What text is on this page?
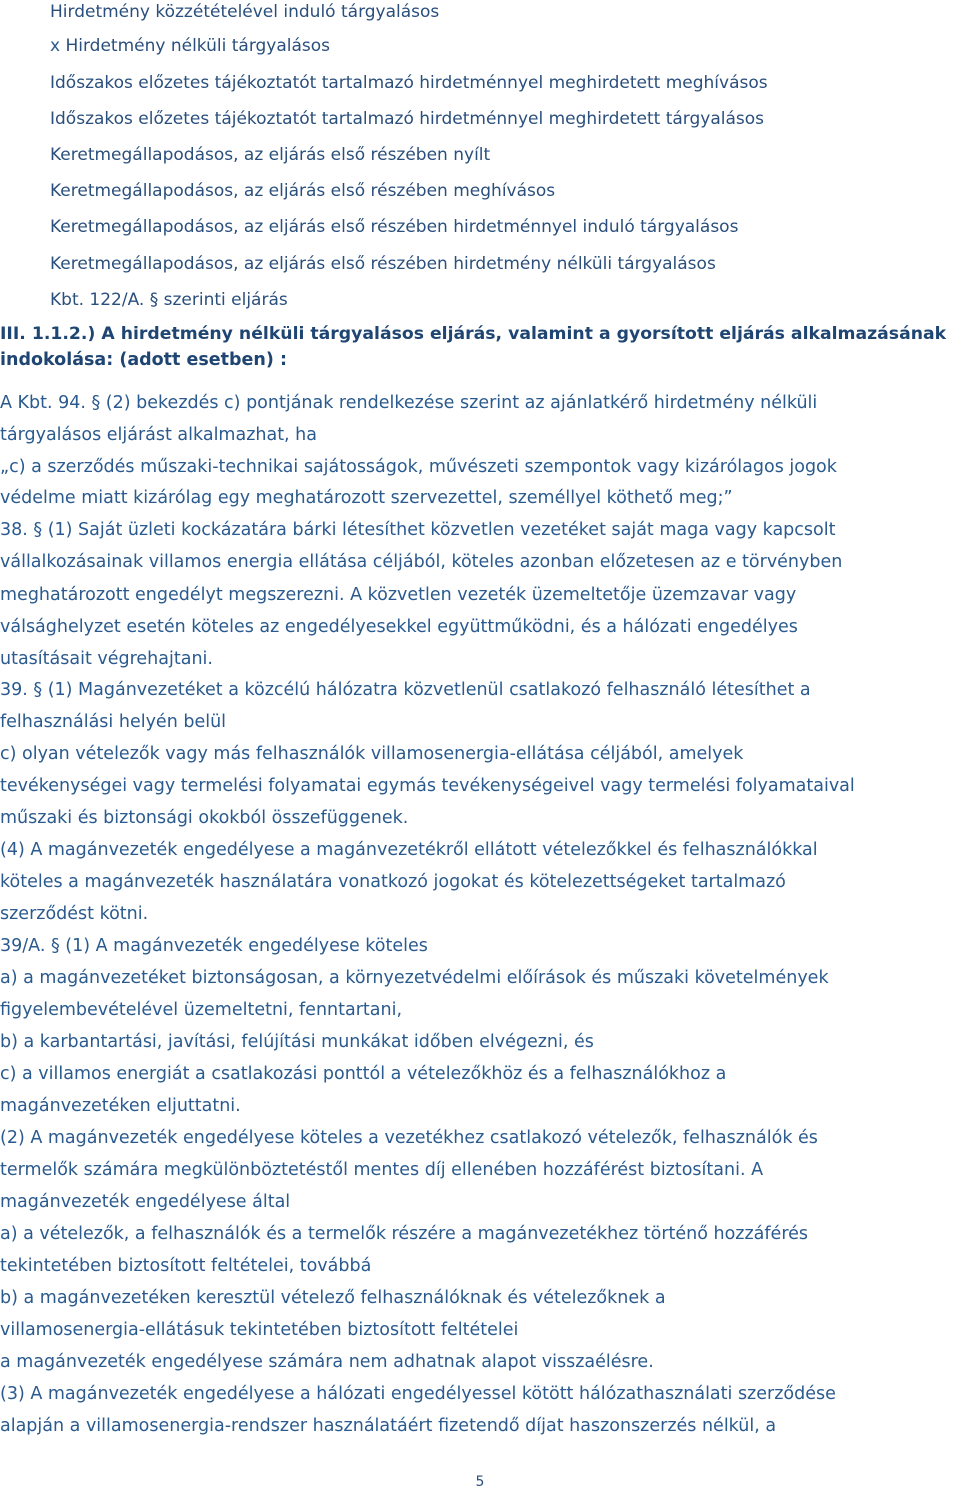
Hirdetmény közzétételével induló tárgyalásos
x Hirdetmény nélküli tárgyalásos
Időszakos előzetes tájékoztatót tartalmazó hirdetménnyel meghirdetett meghívásos
Időszakos előzetes tájékoztatót tartalmazó hirdetménnyel meghirdetett tárgyalásos
Keretmegállapodásos, az eljárás első részében nyílt
Keretmegállapodásos, az eljárás első részében meghívásos
Keretmegállapodásos, az eljárás első részében hirdetménnyel induló tárgyalásos
Keretmegállapodásos, az eljárás első részében hirdetmény nélküli tárgyalásos
Kbt. 122/A. § szerinti eljárás
III. 1.1.2.) A hirdetmény nélküli tárgyalásos eljárás, valamint a gyorsított eljárás alkalmazásának
indokolása: (adott esetben) :
A Kbt. 94. § (2) bekezdés c) pontjának rendelkezése szerint az ajánlatkérő hirdetmény nélküli
tárgyalásos eljárást alkalmazhat, ha
„c) a szerződés műszaki-technikai sajátosságok, művészeti szempontok vagy kizárólagos jogok
védelme miatt kizárólag egy meghatározott szervezettel, személlyel köthető meg;”
38. § (1) Saját üzleti kockázatára bárki létesíthet közvetlen vezetéket saját maga vagy kapcsolt
vállalkozásainak villamos energia ellátása céljából, köteles azonban előzetesen az e törvényben
meghatározott engedélyt megszerezni. A közvetlen vezeték üzemeltetője üzemzavar vagy
válsághelyzet esetén köteles az engedélyesekkel együttműködni, és a hálózati engedélyes
utasításait végrehajtani.
39. § (1) Magánvezetéket a közcélú hálózatra közvetlenül csatlakozó felhasználó létesíthet a
felhasználási helyén belül
c) olyan vételezők vagy más felhasználók villamosenergia-ellátása céljából, amelyek
tevékenységei vagy termelési folyamatai egymás tevékenységeivel vagy termelési folyamataival
műszaki és biztonsági okokból összefüggenek.
(4) A magánvezeték engedélyese a magánvezetékről ellátott vételezőkkel és felhasználókkal
köteles a magánvezeték használatára vonatkozó jogokat és kötelezettségeket tartalmazó
szerződést kötni.
39/A. § (1) A magánvezeték engedélyese köteles
a) a magánvezetéket biztonságosan, a környezetvédelmi előírások és műszaki követelmények
figyelembevételével üzemeltetni, fenntartani,
b) a karbantartási, javítási, felújítási munkákat időben elvégezni, és
c) a villamos energiát a csatlakozási ponttól a vételezőkhöz és a felhasználókhoz a
magánvezetéken eljuttatni.
(2) A magánvezeték engedélyese köteles a vezetékhez csatlakozó vételezők, felhasználók és
termelők számára megkülönböztetéstől mentes díj ellenében hozzáférést biztosítani. A
magánvezeték engedélyese által
a) a vételezők, a felhasználók és a termelők részére a magánvezetékhez történő hozzáférés
tekintetében biztosított feltételei, továbbá
b) a magánvezetéken keresztül vételező felhasználóknak és vételezőknek a
villamosenergia-ellátásuk tekintetében biztosított feltételei
a magánvezeték engedélyese számára nem adhatnak alapot visszaélésre.
(3) A magánvezeték engedélyese a hálózati engedélyessel kötött hálózathasználati szerződése
alapján a villamosenergia-rendszer használatáért fizetendő díjat haszonszerzés nélkül, a
5
